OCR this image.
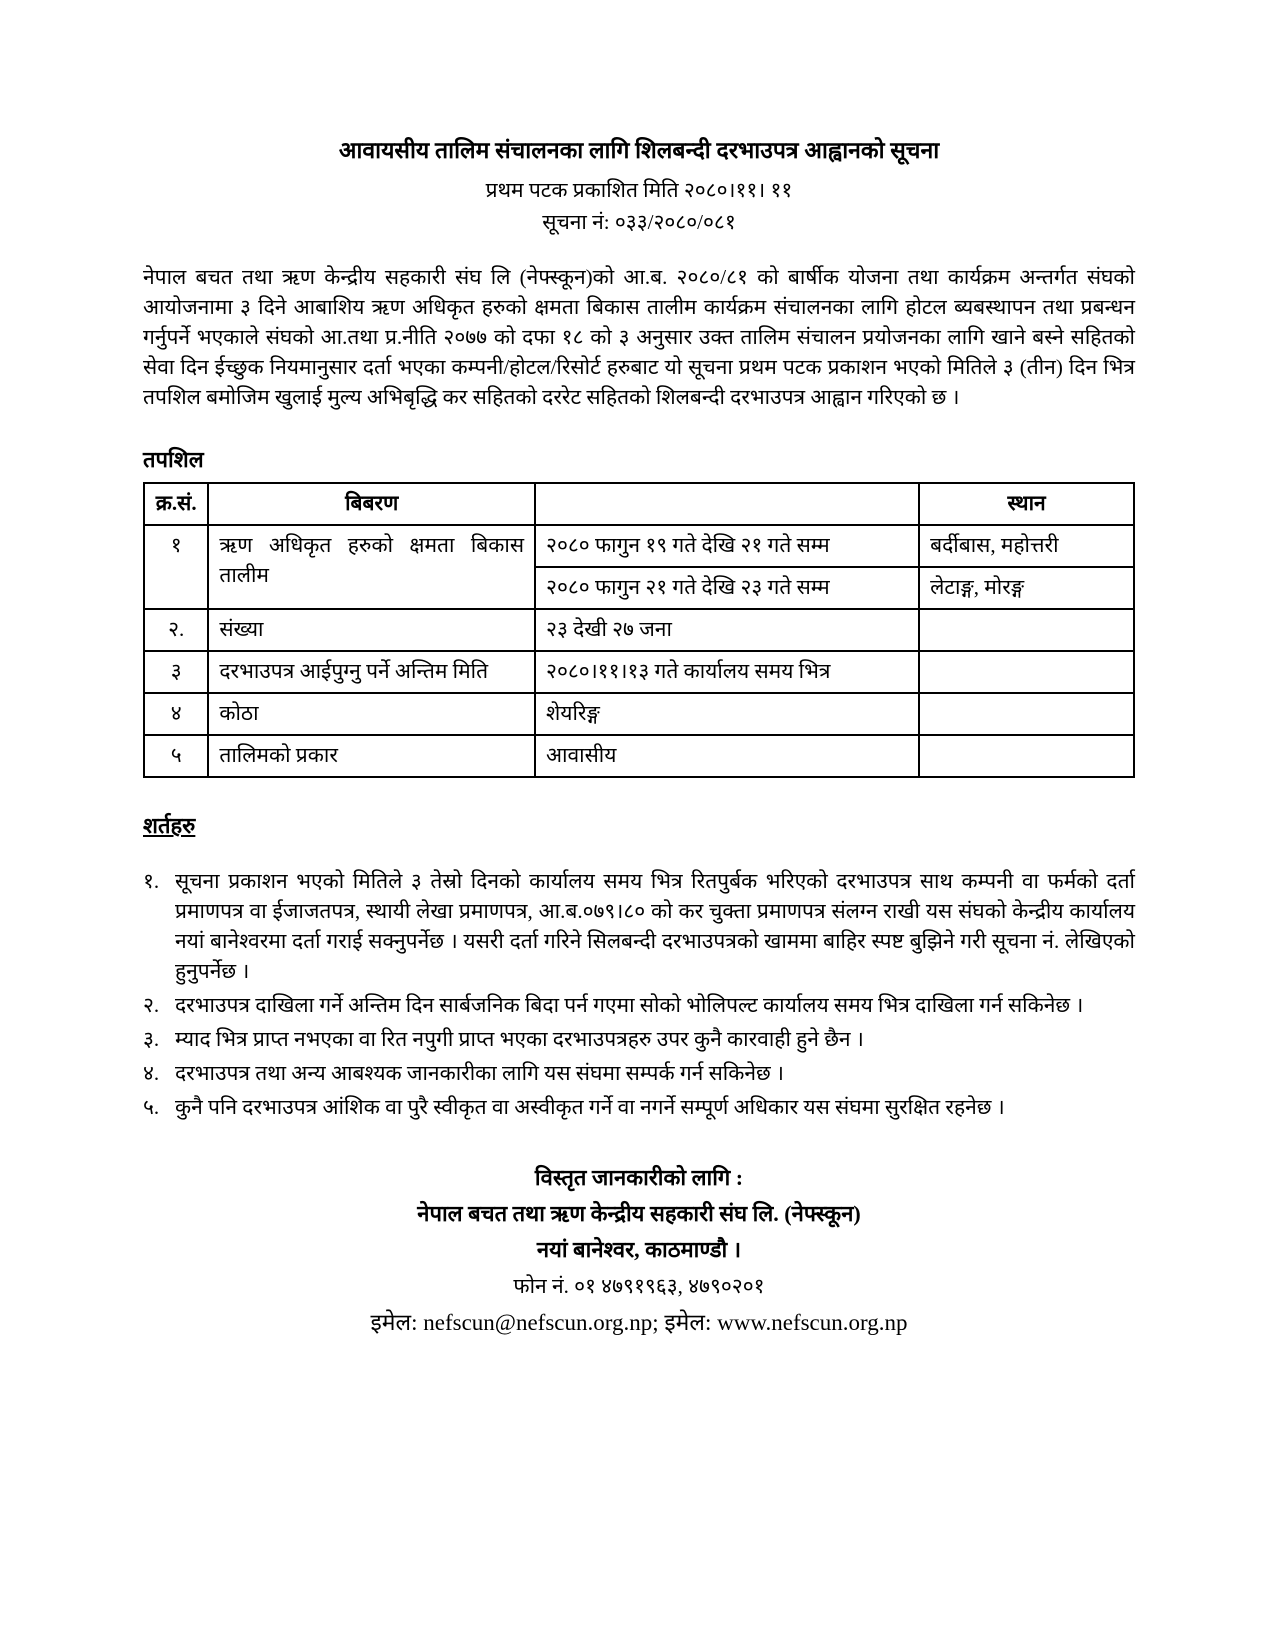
आवायसीय तालिम संचालनका लागि शिलबन्दी दरभाउपत्र आह्वानको सूचना
प्रथम पटक प्रकाशित मिति २०८०।११। ११
सूचना नं: ०३३/२०८०/०८१

नेपाल बचत तथा ऋण केन्द्रीय सहकारी संघ लि (नेफ्स्कून)को आ.ब. २०८०/८१ को बार्षीक योजना तथा कार्यक्रम अन्तर्गत संघको आयोजनामा ३ दिने आबाशिय ऋण अधिकृत हरुको क्षमता बिकास तालीम कार्यक्रम संचालनका लागि होटल ब्यबस्थापन तथा प्रबन्धन गर्नुपर्ने भएकाले संघको आ.तथा प्र.नीति २०७७ को दफा १८ को ३ अनुसार उक्त तालिम संचालन प्रयोजनका लागि खाने बस्ने सहितको सेवा दिन ईच्छुक नियमानुसार दर्ता भएका कम्पनी/होटल/रिसोर्ट हरुबाट यो सूचना प्रथम पटक प्रकाशन भएको मितिले ३ (तीन) दिन भित्र तपशिल बमोजिम खुलाई मुल्य अभिबृद्धि कर सहितको दररेट सहितको शिलबन्दी दरभाउपत्र आह्वान गरिएको छ ।

तपशिल
क्र.सं.	बिबरण		स्थान
१	ऋण अधिकृत हरुको क्षमता बिकास तालीम	२०८० फागुन १९ गते देखि २१ गते सम्म	बर्दीबास, महोत्तरी
		२०८० फागुन २१ गते देखि २३ गते सम्म	लेटाङ्ग, मोरङ्ग
२.	संख्या	२३ देखी २७ जना	
३	दरभाउपत्र आईपुग्नु पर्ने अन्तिम मिति	२०८०।११।१३ गते कार्यालय समय भित्र	
४	कोठा	शेयरिङ्ग	
५	तालिमको प्रकार	आवासीय	
शर्तहरु
१. सूचना प्रकाशन भएको मितिले ३ तेस्रो दिनको कार्यालय समय भित्र रितपुर्बक भरिएको दरभाउपत्र साथ कम्पनी वा फर्मको दर्ता प्रमाणपत्र वा ईजाजतपत्र, स्थायी लेखा प्रमाणपत्र, आ.ब.०७९।८० को कर चुक्ता प्रमाणपत्र संलग्न राखी यस संघको केन्द्रीय कार्यालय नयां बानेश्वरमा दर्ता गराई सक्नुपर्नेछ । यसरी दर्ता गरिने सिलबन्दी दरभाउपत्रको खाममा बाहिर स्पष्ट बुझिने गरी सूचना नं. लेखिएको हुनुपर्नेछ ।
२. दरभाउपत्र दाखिला गर्ने अन्तिम दिन सार्बजनिक बिदा पर्न गएमा सोको भोलिपल्ट कार्यालय समय भित्र दाखिला गर्न सकिनेछ ।
३. म्याद भित्र प्राप्त नभएका वा रित नपुगी प्राप्त भएका दरभाउपत्रहरु उपर कुनै कारवाही हुने छैन ।
४. दरभाउपत्र तथा अन्य आबश्यक जानकारीका लागि यस संघमा सम्पर्क गर्न सकिनेछ ।
५. कुनै पनि दरभाउपत्र आंशिक वा पुरै स्वीकृत वा अस्वीकृत गर्ने वा नगर्ने सम्पूर्ण अधिकार यस संघमा सुरक्षित रहनेछ ।
विस्तृत जानकारीको लागि :
नेपाल बचत तथा ऋण केन्द्रीय सहकारी संघ लि. (नेफ्स्कून)
नयां बानेश्वर, काठमाण्डौ ।
फोन नं. ०१ ४७९१९६३, ४७९०२०१
इमेल: nefscun@nefscun.org.np; इमेल: www.nefscun.org.np
